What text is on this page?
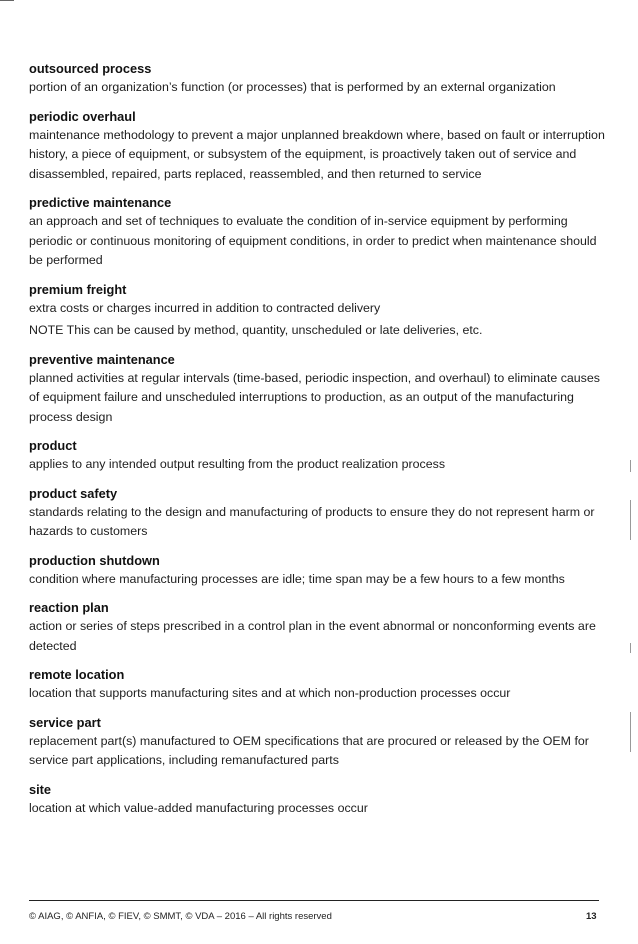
outsourced process
portion of an organization’s function (or processes) that is performed by an external organization
periodic overhaul
maintenance methodology to prevent a major unplanned breakdown where, based on fault or interruption history, a piece of equipment, or subsystem of the equipment, is proactively taken out of service and disassembled, repaired, parts replaced, reassembled, and then returned to service
predictive maintenance
an approach and set of techniques to evaluate the condition of in-service equipment by performing periodic or continuous monitoring of equipment conditions, in order to predict when maintenance should be performed
premium freight
extra costs or charges incurred in addition to contracted delivery
NOTE This can be caused by method, quantity, unscheduled or late deliveries, etc.
preventive maintenance
planned activities at regular intervals (time-based, periodic inspection, and overhaul) to eliminate causes of equipment failure and unscheduled interruptions to production, as an output of the manufacturing process design
product
applies to any intended output resulting from the product realization process
product safety
standards relating to the design and manufacturing of products to ensure they do not represent harm or hazards to customers
production shutdown
condition where manufacturing processes are idle; time span may be a few hours to a few months
reaction plan
action or series of steps prescribed in a control plan in the event abnormal or nonconforming events are detected
remote location
location that supports manufacturing sites and at which non-production processes occur
service part
replacement part(s) manufactured to OEM specifications that are procured or released by the OEM for service part applications, including remanufactured parts
site
location at which value-added manufacturing processes occur
© AIAG, © ANFIA, © FIEV, © SMMT, © VDA – 2016 – All rights reserved	13
